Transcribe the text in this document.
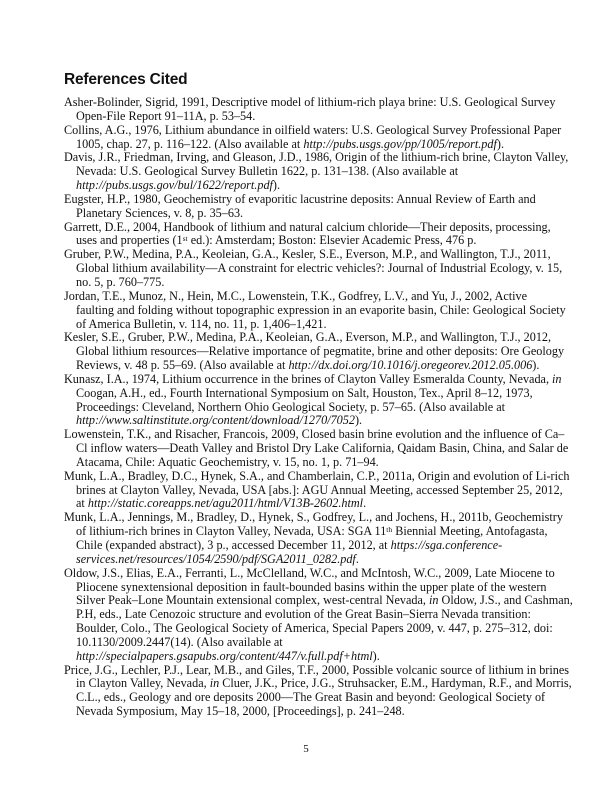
References Cited
Asher-Bolinder, Sigrid, 1991, Descriptive model of lithium-rich playa brine: U.S. Geological Survey
Open-File Report 91–11A, p. 53–54.
Collins, A.G., 1976, Lithium abundance in oilfield waters: U.S. Geological Survey Professional Paper
1005, chap. 27, p. 116–122. (Also available at http://pubs.usgs.gov/pp/1005/report.pdf).
Davis, J.R., Friedman, Irving, and Gleason, J.D., 1986, Origin of the lithium-rich brine, Clayton Valley,
Nevada: U.S. Geological Survey Bulletin 1622, p. 131–138. (Also available at
http://pubs.usgs.gov/bul/1622/report.pdf).
Eugster, H.P., 1980, Geochemistry of evaporitic lacustrine deposits: Annual Review of Earth and
Planetary Sciences, v. 8, p. 35–63.
Garrett, D.E., 2004, Handbook of lithium and natural calcium chloride—Their deposits, processing,
uses and properties (1st ed.): Amsterdam; Boston: Elsevier Academic Press, 476 p.
Gruber, P.W., Medina, P.A., Keoleian, G.A., Kesler, S.E., Everson, M.P., and Wallington, T.J., 2011,
Global lithium availability—A constraint for electric vehicles?: Journal of Industrial Ecology, v. 15,
no. 5, p. 760–775.
Jordan, T.E., Munoz, N., Hein, M.C., Lowenstein, T.K., Godfrey, L.V., and Yu, J., 2002, Active
faulting and folding without topographic expression in an evaporite basin, Chile: Geological Society
of America Bulletin, v. 114, no. 11, p. 1,406–1,421.
Kesler, S.E., Gruber, P.W., Medina, P.A., Keoleian, G.A., Everson, M.P., and Wallington, T.J., 2012,
Global lithium resources—Relative importance of pegmatite, brine and other deposits: Ore Geology
Reviews, v. 48 p. 55–69. (Also available at http://dx.doi.org/10.1016/j.oregeorev.2012.05.006).
Kunasz, I.A., 1974, Lithium occurrence in the brines of Clayton Valley Esmeralda County, Nevada, in
Coogan, A.H., ed., Fourth International Symposium on Salt, Houston, Tex., April 8–12, 1973,
Proceedings: Cleveland, Northern Ohio Geological Society, p. 57–65. (Also available at
http://www.saltinstitute.org/content/download/1270/7052).
Lowenstein, T.K., and Risacher, Francois, 2009, Closed basin brine evolution and the influence of Ca–
Cl inflow waters—Death Valley and Bristol Dry Lake California, Qaidam Basin, China, and Salar de
Atacama, Chile: Aquatic Geochemistry, v. 15, no. 1, p. 71–94.
Munk, L.A., Bradley, D.C., Hynek, S.A., and Chamberlain, C.P., 2011a, Origin and evolution of Li-rich
brines at Clayton Valley, Nevada, USA [abs.]: AGU Annual Meeting, accessed September 25, 2012,
at http://static.coreapps.net/agu2011/html/V13B-2602.html.
Munk, L.A., Jennings, M., Bradley, D., Hynek, S., Godfrey, L., and Jochens, H., 2011b, Geochemistry
of lithium-rich brines in Clayton Valley, Nevada, USA: SGA 11th Biennial Meeting, Antofagasta,
Chile (expanded abstract), 3 p., accessed December 11, 2012, at https://sga.conference-
services.net/resources/1054/2590/pdf/SGA2011_0282.pdf.
Oldow, J.S., Elias, E.A., Ferranti, L., McClelland, W.C., and McIntosh, W.C., 2009, Late Miocene to
Pliocene synextensional deposition in fault-bounded basins within the upper plate of the western
Silver Peak–Lone Mountain extensional complex, west-central Nevada, in Oldow, J.S., and Cashman,
P.H, eds., Late Cenozoic structure and evolution of the Great Basin–Sierra Nevada transition:
Boulder, Colo., The Geological Society of America, Special Papers 2009, v. 447, p. 275–312, doi:
10.1130/2009.2447(14). (Also available at
http://specialpapers.gsapubs.org/content/447/v.full.pdf+html).
Price, J.G., Lechler, P.J., Lear, M.B., and Giles, T.F., 2000, Possible volcanic source of lithium in brines
in Clayton Valley, Nevada, in Cluer, J.K., Price, J.G., Struhsacker, E.M., Hardyman, R.F., and Morris,
C.L., eds., Geology and ore deposits 2000—The Great Basin and beyond: Geological Society of
Nevada Symposium, May 15–18, 2000, [Proceedings], p. 241–248.
5
